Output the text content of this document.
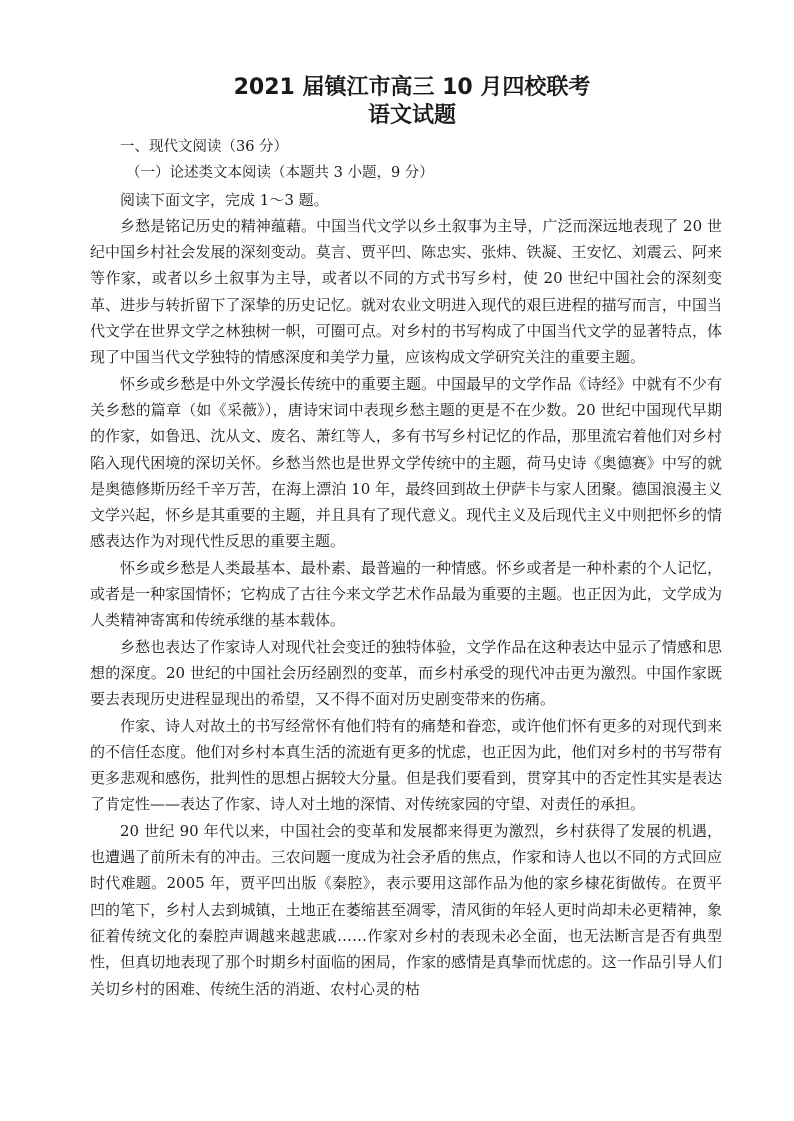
2021 届镇江市高三 10 月四校联考
语文试题
一、现代文阅读（36 分）
（一）论述类文本阅读（本题共 3 小题，9 分）
阅读下面文字，完成 1～3 题。

乡愁是铭记历史的精神蕴藉。中国当代文学以乡土叙事为主导，广泛而深远地表现了 20 世纪中国乡村社会发展的深刻变动。莫言、贾平凹、陈忠实、张炜、铁凝、王安忆、刘震云、阿来等作家，或者以乡土叙事为主导，或者以不同的方式书写乡村，使 20 世纪中国社会的深刻变革、进步与转折留下了深挚的历史记忆。就对农业文明进入现代的艰巨进程的描写而言，中国当代文学在世界文学之林独树一帜，可圈可点。对乡村的书写构成了中国当代文学的显著特点，体现了中国当代文学独特的情感深度和美学力量，应该构成文学研究关注的重要主题。

怀乡或乡愁是中外文学漫长传统中的重要主题。中国最早的文学作品《诗经》中就有不少有关乡愁的篇章（如《采薇》），唐诗宋词中表现乡愁主题的更是不在少数。20 世纪中国现代早期的作家，如鲁迅、沈从文、废名、萧红等人，多有书写乡村记忆的作品，那里流宕着他们对乡村陷入现代困境的深切关怀。乡愁当然也是世界文学传统中的主题，荷马史诗《奥德赛》中写的就是奥德修斯历经千辛万苦，在海上漂泊 10 年，最终回到故土伊萨卡与家人团聚。德国浪漫主义文学兴起，怀乡是其重要的主题，并且具有了现代意义。现代主义及后现代主义中则把怀乡的情感表达作为对现代性反思的重要主题。

怀乡或乡愁是人类最基本、最朴素、最普遍的一种情感。怀乡或者是一种朴素的个人记忆，或者是一种家国情怀；它构成了古往今来文学艺术作品最为重要的主题。也正因为此，文学成为人类精神寄寓和传统承继的基本载体。

乡愁也表达了作家诗人对现代社会变迁的独特体验，文学作品在这种表达中显示了情感和思想的深度。20 世纪的中国社会历经剧烈的变革，而乡村承受的现代冲击更为激烈。中国作家既要去表现历史进程显现出的希望，又不得不面对历史剧变带来的伤痛。

作家、诗人对故土的书写经常怀有他们特有的痛楚和眷恋，或许他们怀有更多的对现代到来的不信任态度。他们对乡村本真生活的流逝有更多的忧虑，也正因为此，他们对乡村的书写带有更多悲观和感伤，批判性的思想占据较大分量。但是我们要看到，贯穿其中的否定性其实是表达了肯定性——表达了作家、诗人对土地的深情、对传统家园的守望、对责任的承担。

20 世纪 90 年代以来，中国社会的变革和发展都来得更为激烈，乡村获得了发展的机遇，也遭遇了前所未有的冲击。三农问题一度成为社会矛盾的焦点，作家和诗人也以不同的方式回应时代难题。2005 年，贾平凹出版《秦腔》，表示要用这部作品为他的家乡棣花街做传。在贾平凹的笔下，乡村人去到城镇，土地正在萎缩甚至凋零，清风街的年轻人更时尚却未必更精神，象征着传统文化的秦腔声调越来越悲戚……作家对乡村的表现未必全面，也无法断言是否有典型性，但真切地表现了那个时期乡村面临的困局，作家的感情是真挚而忧虑的。这一作品引导人们关切乡村的困难、传统生活的消逝、农村心灵的枯
